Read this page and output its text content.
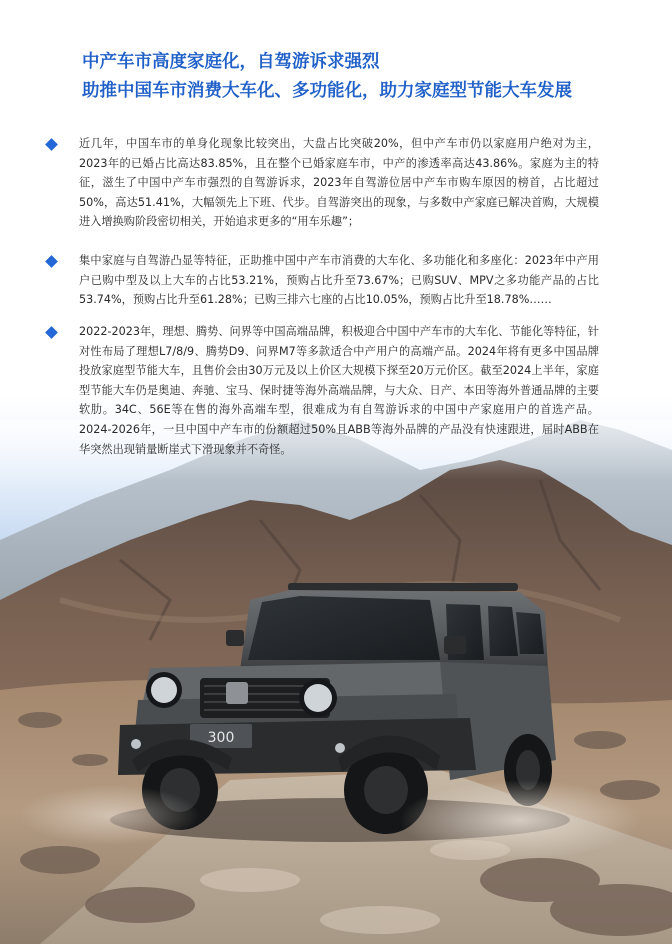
300
中产车市高度家庭化，自驾游诉求强烈
助推中国车市消费大车化、多功能化，助力家庭型节能大车发展
近几年，中国车市的单身化现象比较突出，大盘占比突破20%，但中产车市仍以家庭用户绝对为主，2023年的已婚占比高达83.85%，且在整个已婚家庭车市，中产的渗透率高达43.86%。家庭为主的特征，滋生了中国中产车市强烈的自驾游诉求，2023年自驾游位居中产车市购车原因的榜首，占比超过50%，高达51.41%，大幅领先上下班、代步。自驾游突出的现象，与多数中产家庭已解决首购，大规模进入增换购阶段密切相关，开始追求更多的“用车乐趣”；
集中家庭与自驾游凸显等特征，正助推中国中产车市消费的大车化、多功能化和多座化：2023年中产用户已购中型及以上大车的占比53.21%，预购占比升至73.67%；已购SUV、MPV之多功能产品的占比53.74%，预购占比升至61.28%；已购三排六七座的占比10.05%，预购占比升至18.78%……
2022-2023年，理想、腾势、问界等中国高端品牌，积极迎合中国中产车市的大车化、节能化等特征，针对性布局了理想L7/8/9、腾势D9、问界M7等多款适合中产用户的高端产品。2024年将有更多中国品牌投放家庭型节能大车，且售价会由30万元及以上价区大规模下探至20万元价区。截至2024上半年，家庭型节能大车仍是奥迪、奔驰、宝马、保时捷等海外高端品牌，与大众、日产、本田等海外普通品牌的主要软肋。34C、56E等在售的海外高端车型，很难成为有自驾游诉求的中国中产家庭用户的首选产品。2024-2026年，一旦中国中产车市的份额超过50%且ABB等海外品牌的产品没有快速跟进，届时ABB在华突然出现销量断崖式下滑现象并不奇怪。
